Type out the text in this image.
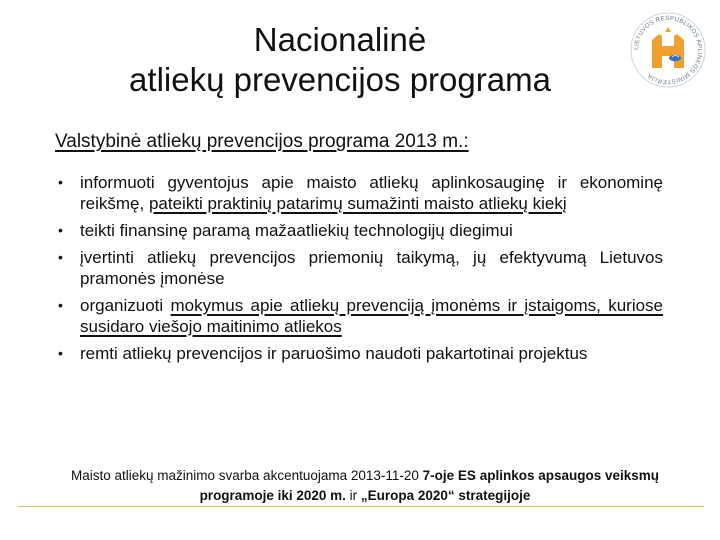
Nacionalinė
atliekų prevencijos programa
LIETUVOS RESPUBLIKOS APLINKOS MINISTERIJA
Valstybinė atliekų prevencijos programa 2013 m.:
• informuoti gyventojus apie maisto atliekų aplinkosauginę ir ekonominę reikšmę, pateikti praktinių patarimų sumažinti maisto atliekų kiekį
• teikti finansinę paramą mažaatliekių technologijų diegimui
• įvertinti atliekų prevencijos priemonių taikymą, jų efektyvumą Lietuvos pramonės įmonėse
• organizuoti mokymus apie atliekų prevenciją įmonėms ir įstaigoms, kuriose susidaro viešojo maitinimo atliekos
• remti atliekų prevencijos ir paruošimo naudoti pakartotinai projektus
Maisto atliekų mažinimo svarba akcentuojama 2013-11-20 7-oje ES aplinkos apsaugos veiksmų programoje iki 2020 m. ir „Europa 2020“ strategijoje
